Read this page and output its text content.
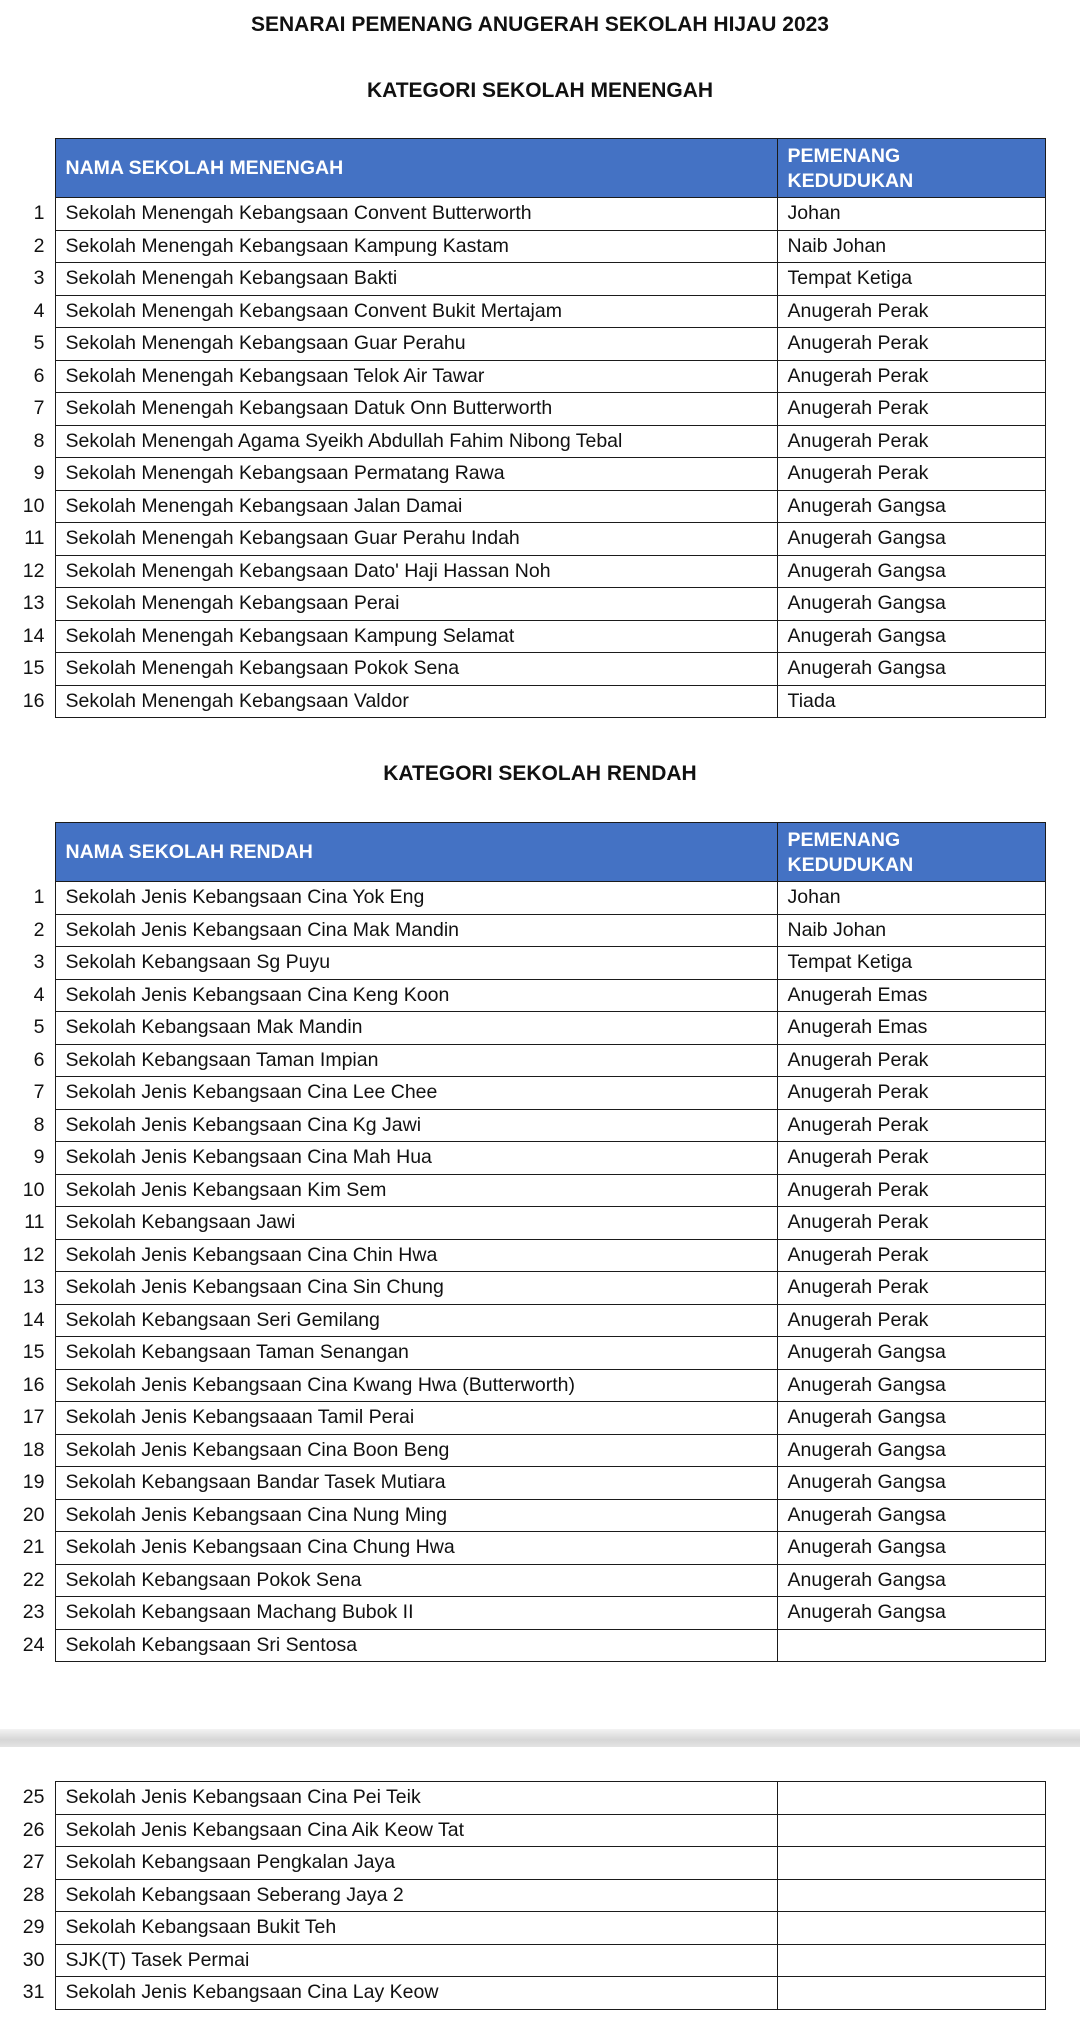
SENARAI PEMENANG ANUGERAH SEKOLAH HIJAU 2023
KATEGORI SEKOLAH MENENGAH
	NAMA SEKOLAH MENENGAH	PEMENANG
KEDUDUKAN

1	Sekolah Menengah Kebangsaan Convent Butterworth	Johan
2	Sekolah Menengah Kebangsaan Kampung Kastam	Naib Johan
3	Sekolah Menengah Kebangsaan Bakti	Tempat Ketiga
4	Sekolah Menengah Kebangsaan Convent Bukit Mertajam	Anugerah Perak
5	Sekolah Menengah Kebangsaan Guar Perahu	Anugerah Perak
6	Sekolah Menengah Kebangsaan Telok Air Tawar	Anugerah Perak
7	Sekolah Menengah Kebangsaan Datuk Onn Butterworth	Anugerah Perak
8	Sekolah Menengah Agama Syeikh Abdullah Fahim Nibong Tebal	Anugerah Perak
9	Sekolah Menengah Kebangsaan Permatang Rawa	Anugerah Perak
10	Sekolah Menengah Kebangsaan Jalan Damai	Anugerah Gangsa
11	Sekolah Menengah Kebangsaan Guar Perahu Indah	Anugerah Gangsa
12	Sekolah Menengah Kebangsaan Dato' Haji Hassan Noh	Anugerah Gangsa
13	Sekolah Menengah Kebangsaan Perai	Anugerah Gangsa
14	Sekolah Menengah Kebangsaan Kampung Selamat	Anugerah Gangsa
15	Sekolah Menengah Kebangsaan Pokok Sena	Anugerah Gangsa
16	Sekolah Menengah Kebangsaan Valdor	Tiada
KATEGORI SEKOLAH RENDAH
	NAMA SEKOLAH RENDAH	PEMENANG
KEDUDUKAN

1	Sekolah Jenis Kebangsaan Cina Yok Eng	Johan
2	Sekolah Jenis Kebangsaan Cina Mak Mandin	Naib Johan
3	Sekolah Kebangsaan Sg Puyu	Tempat Ketiga
4	Sekolah Jenis Kebangsaan Cina Keng Koon	Anugerah Emas
5	Sekolah Kebangsaan Mak Mandin	Anugerah Emas
6	Sekolah Kebangsaan Taman Impian	Anugerah Perak
7	Sekolah Jenis Kebangsaan Cina Lee Chee	Anugerah Perak
8	Sekolah Jenis Kebangsaan Cina Kg Jawi	Anugerah Perak
9	Sekolah Jenis Kebangsaan Cina Mah Hua	Anugerah Perak
10	Sekolah Jenis Kebangsaan Kim Sem	Anugerah Perak
11	Sekolah Kebangsaan Jawi	Anugerah Perak
12	Sekolah Jenis Kebangsaan Cina Chin Hwa	Anugerah Perak
13	Sekolah Jenis Kebangsaan Cina Sin Chung	Anugerah Perak
14	Sekolah Kebangsaan Seri Gemilang	Anugerah Perak
15	Sekolah Kebangsaan Taman Senangan	Anugerah Gangsa
16	Sekolah Jenis Kebangsaan Cina Kwang Hwa (Butterworth)	Anugerah Gangsa
17	Sekolah Jenis Kebangsaaan Tamil Perai	Anugerah Gangsa
18	Sekolah Jenis Kebangsaan Cina Boon Beng	Anugerah Gangsa
19	Sekolah Kebangsaan Bandar Tasek Mutiara	Anugerah Gangsa
20	Sekolah Jenis Kebangsaan Cina Nung Ming	Anugerah Gangsa
21	Sekolah Jenis Kebangsaan Cina Chung Hwa	Anugerah Gangsa
22	Sekolah Kebangsaan Pokok Sena	Anugerah Gangsa
23	Sekolah Kebangsaan Machang Bubok II	Anugerah Gangsa
24	Sekolah Kebangsaan Sri Sentosa	
25	Sekolah Jenis Kebangsaan Cina Pei Teik	
26	Sekolah Jenis Kebangsaan Cina Aik Keow Tat	
27	Sekolah Kebangsaan Pengkalan Jaya	
28	Sekolah Kebangsaan Seberang Jaya 2	
29	Sekolah Kebangsaan Bukit Teh	
30	SJK(T) Tasek Permai	
31	Sekolah Jenis Kebangsaan Cina Lay Keow	
